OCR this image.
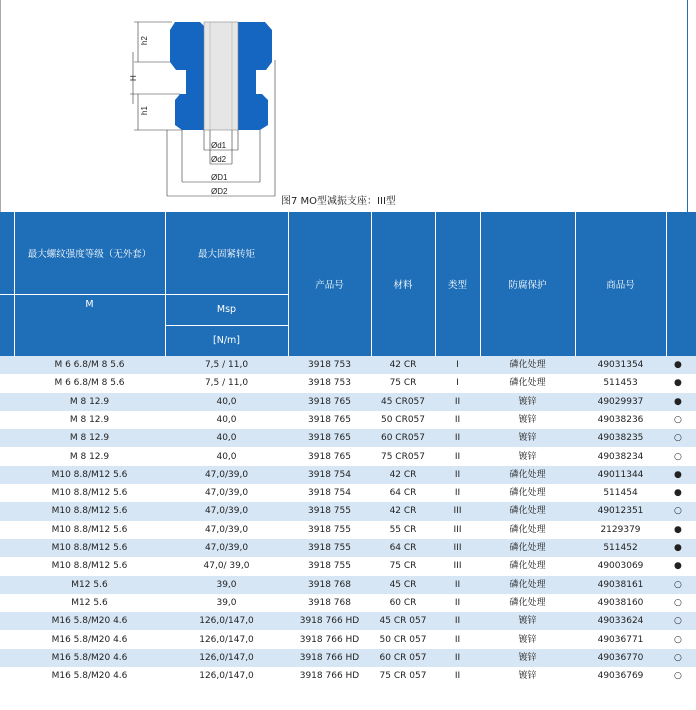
h2
H
h1
Ød1
Ød2
ØD1
ØD2
图7 MO型减振支座：III型
最大螺纹强度等级（无外套）
M
最大固紧转矩
Msp
[N/m]
产品号	材料	类型	防腐保护	商品号
M 6 6.8/M 8 5.6	7,5 / 11,0	3918 753	42 CR	I	磷化处理	49031354	●
M 6 6.8/M 8 5.6	7,5 / 11,0	3918 753	75 CR	I	磷化处理	511453	●
M 8 12.9	40,0	3918 765	45 CR057	II	镀锌	49029937	●
M 8 12.9	40,0	3918 765	50 CR057	II	镀锌	49038236	○
M 8 12.9	40,0	3918 765	60 CR057	II	镀锌	49038235	○
M 8 12.9	40,0	3918 765	75 CR057	II	镀锌	49038234	○
M10 8.8/M12 5.6	47,0/39,0	3918 754	42 CR	II	磷化处理	49011344	●
M10 8.8/M12 5.6	47,0/39,0	3918 754	64 CR	II	磷化处理	511454	●
M10 8.8/M12 5.6	47,0/39,0	3918 755	42 CR	III	磷化处理	49012351	○
M10 8.8/M12 5.6	47,0/39,0	3918 755	55 CR	III	磷化处理	2129379	●
M10 8.8/M12 5.6	47,0/39,0	3918 755	64 CR	III	磷化处理	511452	●
M10 8.8/M12 5.6	47,0/ 39,0	3918 755	75 CR	III	磷化处理	49003069	●
M12 5.6	39,0	3918 768	45 CR	II	磷化处理	49038161	○
M12 5.6	39,0	3918 768	60 CR	II	磷化处理	49038160	○
M16 5.8/M20 4.6	126,0/147,0	3918 766 HD	45 CR 057	II	镀锌	49033624	○
M16 5.8/M20 4.6	126,0/147,0	3918 766 HD	50 CR 057	II	镀锌	49036771	○
M16 5.8/M20 4.6	126,0/147,0	3918 766 HD	60 CR 057	II	镀锌	49036770	○
M16 5.8/M20 4.6	126,0/147,0	3918 766 HD	75 CR 057	II	镀锌	49036769	○
